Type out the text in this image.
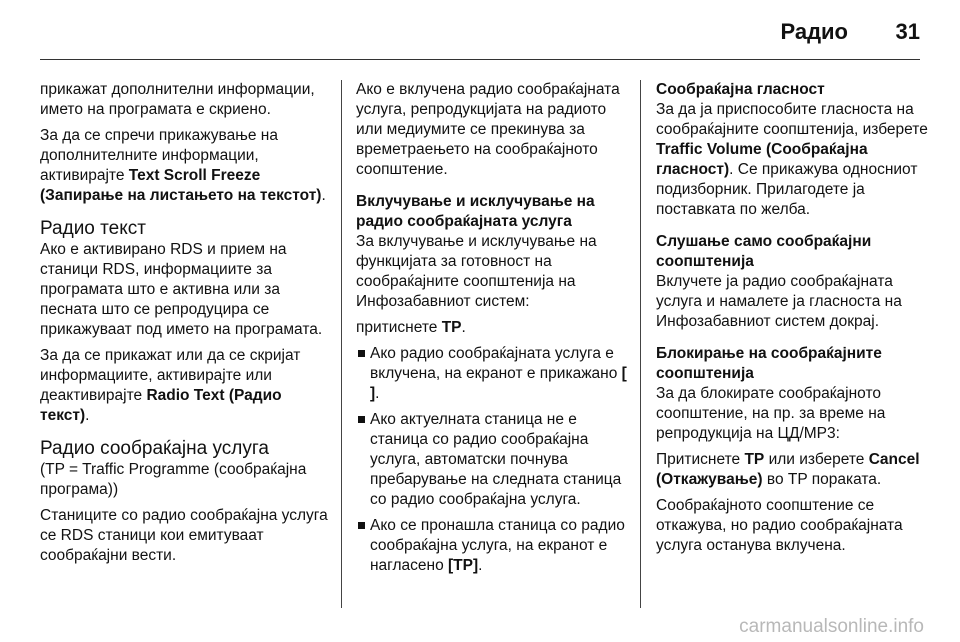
Радио 31

прикажат дополнителни информации, името на програмата е скриено.

За да се спречи прикажување на дополнителните информации, активирајте Text Scroll Freeze (Запирање на листањето на текстот).

Радио текст

Ако е активирано RDS и прием на станици RDS, информациите за програмата што е активна или за песната што се репродуцира се прикажуваат под името на програмата.

За да се прикажат или да се скријат информациите, активирајте или деактивирајте Radio Text (Радио текст).

Радио сообраќајна услуга

(TP = Traffic Programme (сообраќајна програма))

Станиците со радио сообраќајна услуга се RDS станици кои емитуваат сообраќајни вести.

Ако е вклучена радио сообраќајната услуга, репродукцијата на радиото или медиумите се прекинува за времетраењето на сообраќајното соопштение.

Вклучување и исклучување на радио сообраќајната услуга

За вклучување и исклучување на функцијата за готовност на сообраќајните соопштенија на Инфозабавниот систем:

притиснете TP.

Ако радио сообраќајната услуга е вклучена, на екранот е прикажано [ ].
Ако актуелната станица не е станица со радио сообраќајна услуга, автоматски почнува пребарување на следната станица со радио сообраќајна услуга.
Ако се пронашла станица со радио сообраќајна услуга, на екранот е нагласено [TP].
Сообраќајна гласност

За да ја приспособите гласноста на сообраќајните соопштенија, изберете Traffic Volume (Сообраќајна гласност). Се прикажува односниот подизборник. Прилагодете ја поставката по желба.

Слушање само сообраќајни соопштенија

Вклучете ја радио сообраќајната услуга и намалете ја гласноста на Инфозабавниот систем докрај.

Блокирање на сообраќајните соопштенија

За да блокирате сообраќајното соопштение, на пр. за време на репродукција на ЦД/MP3:

Притиснете TP или изберете Cancel (Откажување) во TP пораката.

Сообраќајното соопштение се откажува, но радио сообраќајната услуга останува вклучена.

carmanualsonline.info
